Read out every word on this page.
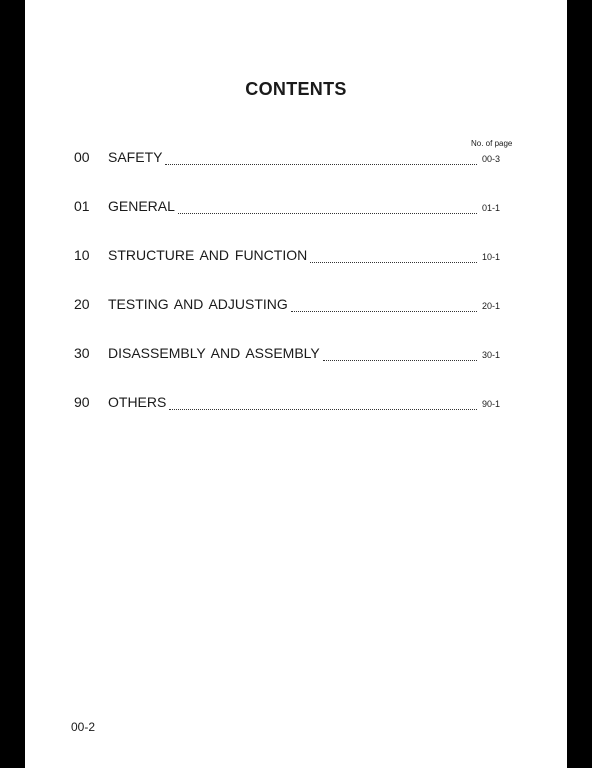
CONTENTS
No. of page
00	SAFETY	00-3
01	GENERAL	01-1
10	STRUCTURE AND FUNCTION	10-1
20	TESTING AND ADJUSTING	20-1
30	DISASSEMBLY AND ASSEMBLY	30-1
90	OTHERS	90-1
00-2
